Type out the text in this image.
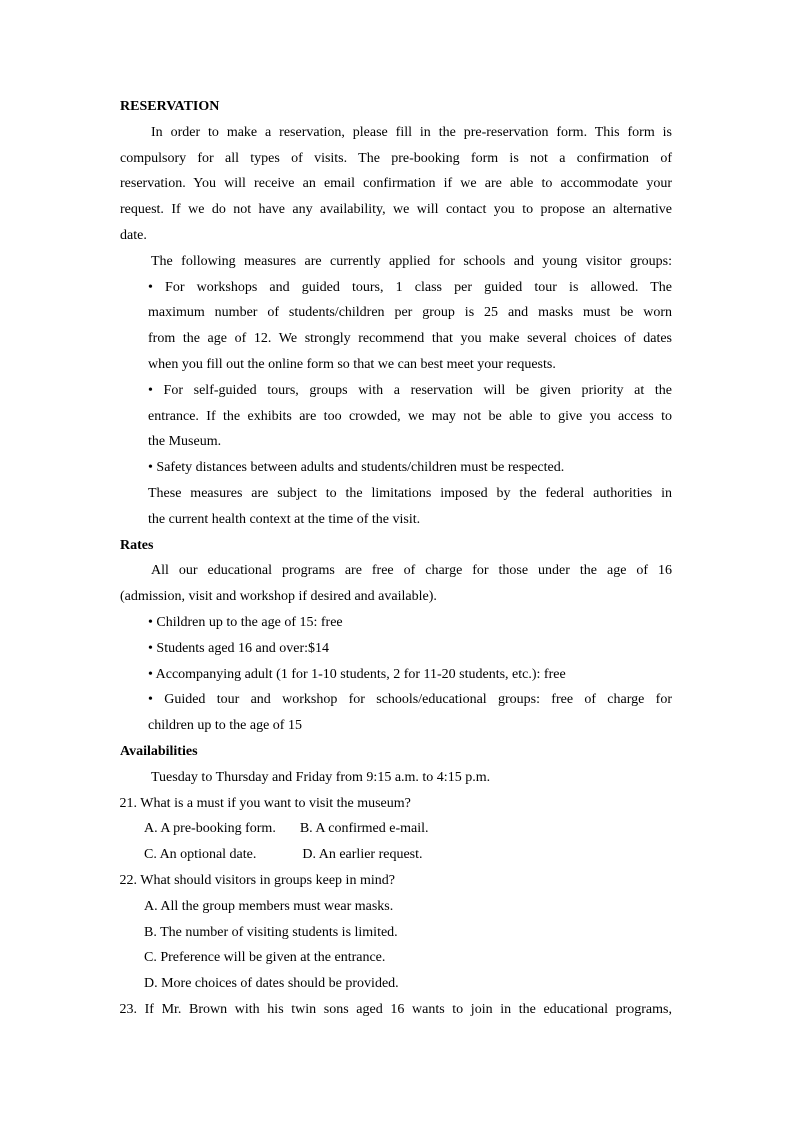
RESERVATION
In order to make a reservation, please fill in the pre-reservation form. This form is
compulsory for all types of visits. The pre-booking form is not a confirmation of
reservation. You will receive an email confirmation if we are able to accommodate your
request. If we do not have any availability, we will contact you to propose an alternative
date.
The following measures are currently applied for schools and young visitor groups:
• For workshops and guided tours, 1 class per guided tour is allowed. The
maximum number of students/children per group is 25 and masks must be worn
from the age of 12. We strongly recommend that you make several choices of dates
when you fill out the online form so that we can best meet your requests.
• For self-guided tours, groups with a reservation will be given priority at the
entrance. If the exhibits are too crowded, we may not be able to give you access to
the Museum.
• Safety distances between adults and students/children must be respected.
These measures are subject to the limitations imposed by the federal authorities in
the current health context at the time of the visit.
Rates
All our educational programs are free of charge for those under the age of 16
(admission, visit and workshop if desired and available).
• Children up to the age of 15: free
• Students aged 16 and over:$14
• Accompanying adult (1 for 1-10 students, 2 for 11-20 students, etc.): free
• Guided tour and workshop for schools/educational groups: free of charge for
children up to the age of 15
Availabilities
Tuesday to Thursday and Friday from 9:15 a.m. to 4:15 p.m.
21. What is a must if you want to visit the museum?
A. A pre-booking form. B. A confirmed e-mail.
C. An optional date.	D. An earlier request.
22. What should visitors in groups keep in mind?
A. All the group members must wear masks.
B. The number of visiting students is limited.
C. Preference will be given at the entrance.
D. More choices of dates should be provided.
23. If Mr. Brown with his twin sons aged 16 wants to join in the educational programs,
